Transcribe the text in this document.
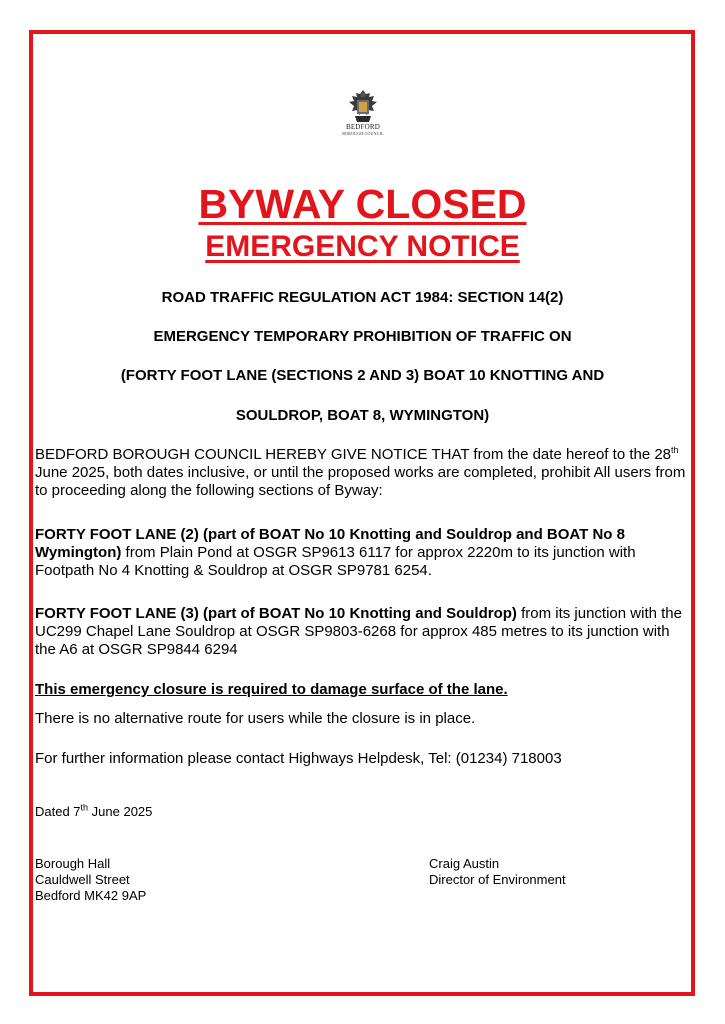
BEDFORD
BOROUGH COUNCIL
BYWAY CLOSED
EMERGENCY NOTICE
ROAD TRAFFIC REGULATION ACT 1984: SECTION 14(2)
EMERGENCY TEMPORARY PROHIBITION OF TRAFFIC ON
(FORTY FOOT LANE (SECTIONS 2 AND 3) BOAT 10 KNOTTING AND
SOULDROP, BOAT 8, WYMINGTON)
BEDFORD BOROUGH COUNCIL HEREBY GIVE NOTICE THAT from the date hereof to the 28th June 2025, both dates inclusive, or until the proposed works are completed, prohibit All users from to proceeding along the following sections of Byway:
FORTY FOOT LANE (2) (part of BOAT No 10 Knotting and Souldrop and BOAT No 8 Wymington) from Plain Pond at OSGR SP9613 6117 for approx 2220m to its junction with Footpath No 4 Knotting & Souldrop at OSGR SP9781 6254.
FORTY FOOT LANE (3) (part of BOAT No 10 Knotting and Souldrop) from its junction with the UC299 Chapel Lane Souldrop at OSGR SP9803-6268 for approx 485 metres to its junction with the A6 at OSGR SP9844 6294
This emergency closure is required to damage surface of the lane.
There is no alternative route for users while the closure is in place.
For further information please contact Highways Helpdesk, Tel: (01234) 718003
Dated 7th June 2025
Borough Hall
Cauldwell Street
Bedford MK42 9AP
Craig Austin
Director of Environment
